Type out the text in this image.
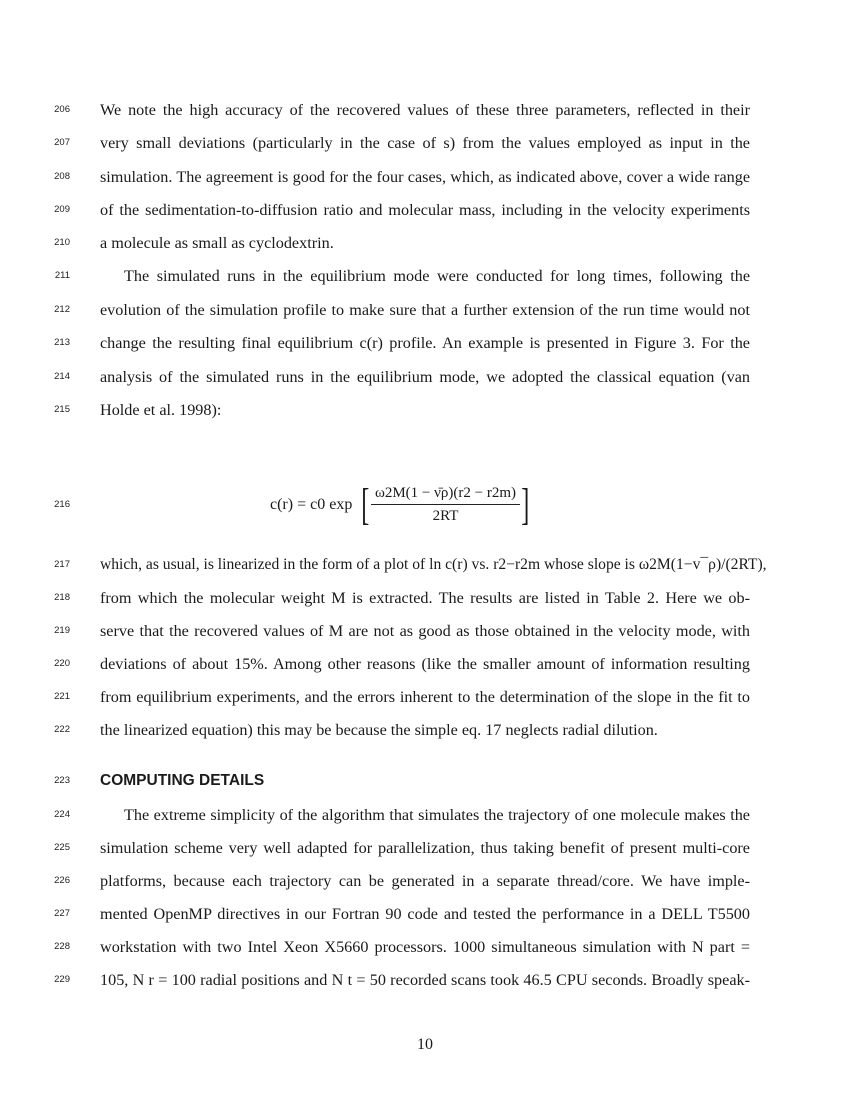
206 We note the high accuracy of the recovered values of these three parameters, reflected in their
207 very small deviations (particularly in the case of s) from the values employed as input in the
208 simulation. The agreement is good for the four cases, which, as indicated above, cover a wide range
209 of the sedimentation-to-diffusion ratio and molecular mass, including in the velocity experiments
210 a molecule as small as cyclodextrin.
211	The simulated runs in the equilibrium mode were conducted for long times, following the
212 evolution of the simulation profile to make sure that a further extension of the run time would not
213 change the resulting final equilibrium c(r) profile. An example is presented in Figure 3. For the
214 analysis of the simulated runs in the equilibrium mode, we adopted the classical equation (van
215 Holde et al. 1998):
216	c(r) = c0 exp [ $\frac{\omega 2M(1 - \nū\rho)(r2 - r2m)}{2RT}$ ]
217 which, as usual, is linearized in the form of a plot of ln c(r) vs. r2−r2m whose slope is ω2M(1−v¯ρ)/(2RT),
218 from which the molecular weight M is extracted. The results are listed in Table 2. Here we ob-
219 serve that the recovered values of M are not as good as those obtained in the velocity mode, with
220 deviations of about 15%. Among other reasons (like the smaller amount of information resulting
221 from equilibrium experiments, and the errors inherent to the determination of the slope in the fit to
222 the linearized equation) this may be because the simple eq. 17 neglects radial dilution.
223 COMPUTING DETAILS
224	The extreme simplicity of the algorithm that simulates the trajectory of one molecule makes the
225 simulation scheme very well adapted for parallelization, thus taking benefit of present multi-core
226 platforms, because each trajectory can be generated in a separate thread/core. We have imple-
227 mented OpenMP directives in our Fortran 90 code and tested the performance in a DELL T5500
228 workstation with two Intel Xeon X5660 processors. 1000 simultaneous simulation with N part =
229 105, N r = 100 radial positions and N t = 50 recorded scans took 46.5 CPU seconds. Broadly speak-
10
